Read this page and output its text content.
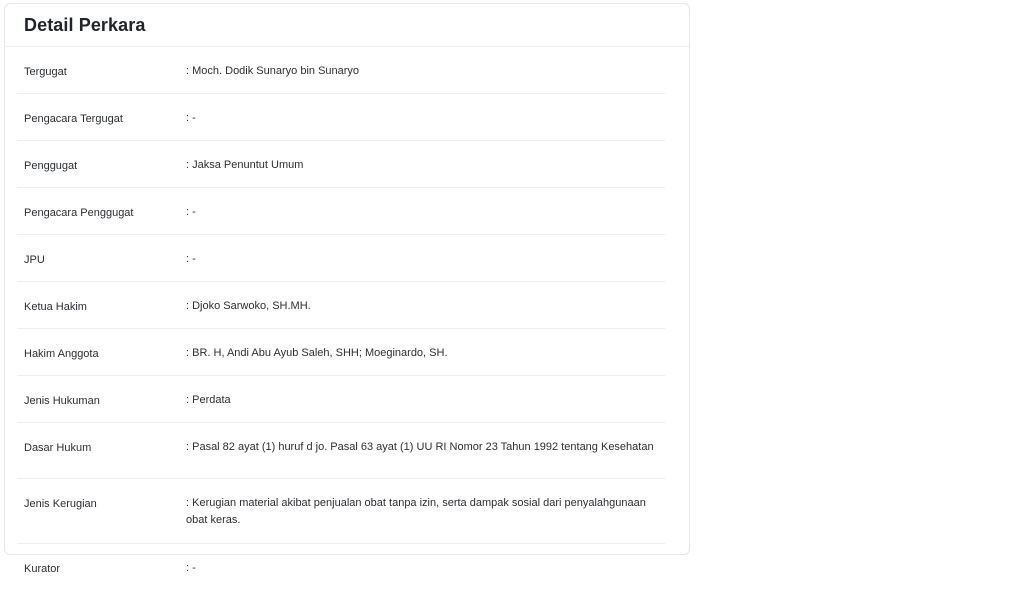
Detail Perkara
Tergugat	: Moch. Dodik Sunaryo bin Sunaryo

Pengacara Tergugat	: -

Penggugat	: Jaksa Penuntut Umum

Pengacara Penggugat	: -

JPU	: -

Ketua Hakim	: Djoko Sarwoko, SH.MH.

Hakim Anggota	: BR. H, Andi Abu Ayub Saleh, SHH; Moeginardo, SH.

Jenis Hukuman	: Perdata

Dasar Hukum	: Pasal 82 ayat (1) huruf d jo. Pasal 63 ayat (1) UU RI Nomor 23 Tahun 1992 tentang Kesehatan

Jenis Kerugian	: Kerugian material akibat penjualan obat tanpa izin, serta dampak sosial dari penyalahgunaan obat keras.

Kurator	: -
